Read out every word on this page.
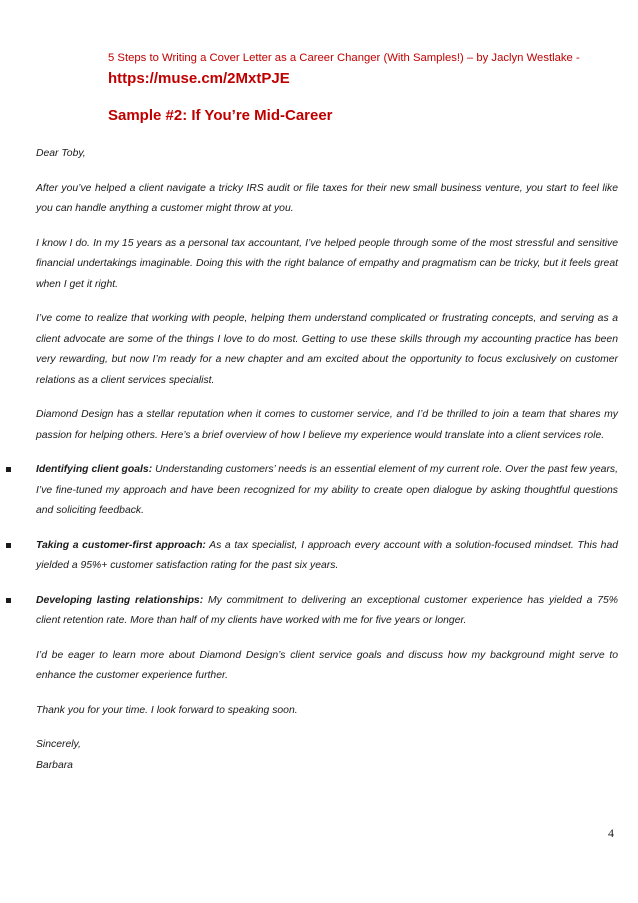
5 Steps to Writing a Cover Letter as a Career Changer (With Samples!) – by Jaclyn Westlake -
https://muse.cm/2MxtPJE
Sample #2: If You’re Mid-Career

Dear Toby,

After you’ve helped a client navigate a tricky IRS audit or file taxes for their new small business venture, you start to feel like you can handle anything a customer might throw at you.

I know I do. In my 15 years as a personal tax accountant, I’ve helped people through some of the most stressful and sensitive financial undertakings imaginable. Doing this with the right balance of empathy and pragmatism can be tricky, but it feels great when I get it right.

I’ve come to realize that working with people, helping them understand complicated or frustrating concepts, and serving as a client advocate are some of the things I love to do most. Getting to use these skills through my accounting practice has been very rewarding, but now I’m ready for a new chapter and am excited about the opportunity to focus exclusively on customer relations as a client services specialist.

Diamond Design has a stellar reputation when it comes to customer service, and I’d be thrilled to join a team that shares my passion for helping others. Here’s a brief overview of how I believe my experience would translate into a client services role.

Identifying client goals: Understanding customers’ needs is an essential element of my current role. Over the past few years, I’ve fine-tuned my approach and have been recognized for my ability to create open dialogue by asking thoughtful questions and soliciting feedback.
Taking a customer-first approach: As a tax specialist, I approach every account with a solution-focused mindset. This had yielded a 95%+ customer satisfaction rating for the past six years.
Developing lasting relationships: My commitment to delivering an exceptional customer experience has yielded a 75% client retention rate. More than half of my clients have worked with me for five years or longer.

I’d be eager to learn more about Diamond Design’s client service goals and discuss how my background might serve to enhance the customer experience further.

Thank you for your time. I look forward to speaking soon.

Sincerely,

Barbara

4
